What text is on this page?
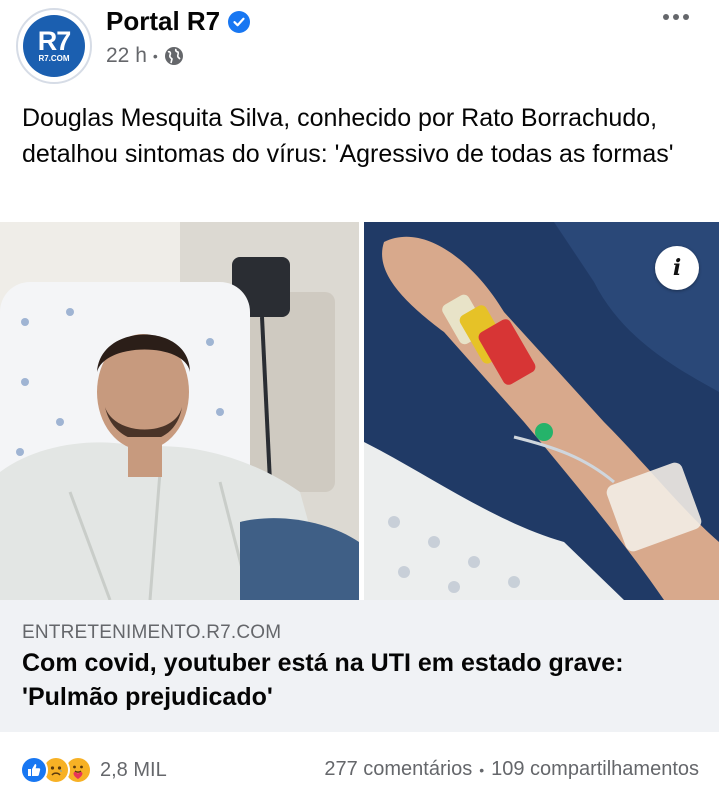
R7
R7.COM
Portal R7
22 h •
Douglas Mesquita Silva, conhecido por Rato Borrachudo, detalhou sintomas do vírus: 'Agressivo de todas as formas'
i
ENTRETENIMENTO.R7.COM
Com covid, youtuber está na UTI em estado grave: 'Pulmão prejudicado'
2,8 MIL	277 comentários • 109 compartilhamentos
